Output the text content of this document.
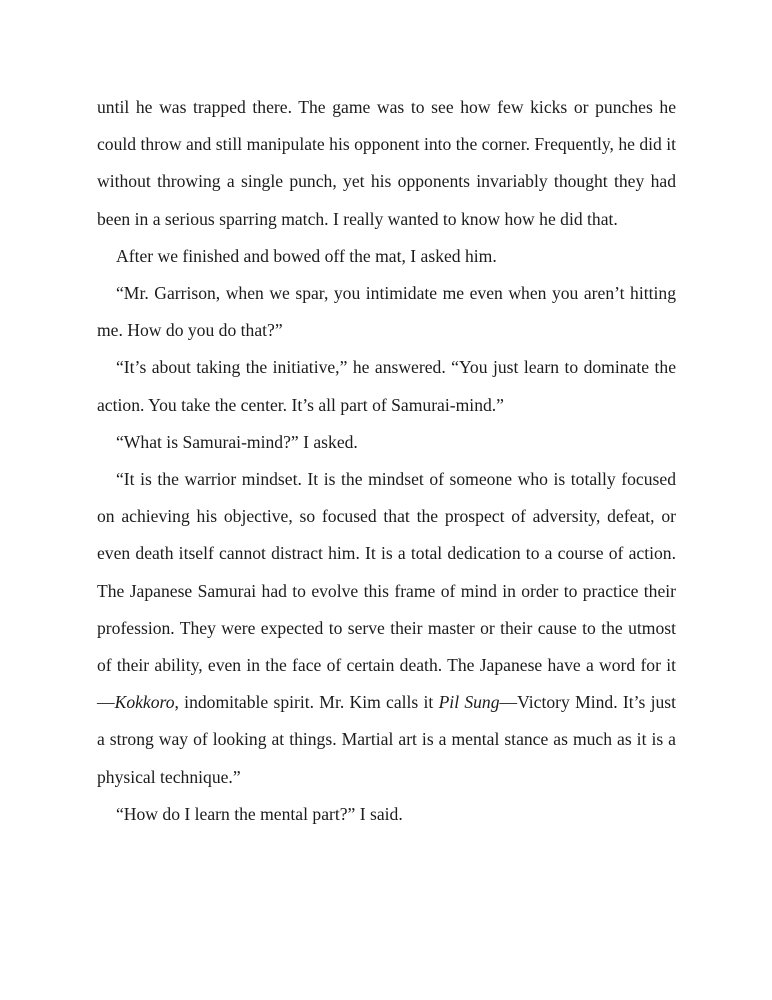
until he was trapped there. The game was to see how few kicks or punches he could throw and still manipulate his opponent into the corner. Frequently, he did it without throwing a single punch, yet his opponents invariably thought they had been in a serious sparring match. I really wanted to know how he did that.

After we finished and bowed off the mat, I asked him.

“Mr. Garrison, when we spar, you intimidate me even when you aren’t hitting me. How do you do that?”

“It’s about taking the initiative,” he answered. “You just learn to dominate the action. You take the center. It’s all part of Samurai-mind.”

“What is Samurai-mind?” I asked.

“It is the warrior mindset. It is the mindset of someone who is totally focused on achieving his objective, so focused that the prospect of adversity, defeat, or even death itself cannot distract him. It is a total dedication to a course of action. The Japanese Samurai had to evolve this frame of mind in order to practice their profession. They were expected to serve their master or their cause to the utmost of their ability, even in the face of certain death. The Japanese have a word for it—Kokkoro, indomitable spirit. Mr. Kim calls it Pil Sung—Victory Mind. It’s just a strong way of looking at things. Martial art is a mental stance as much as it is a physical technique.”

“How do I learn the mental part?” I said.
